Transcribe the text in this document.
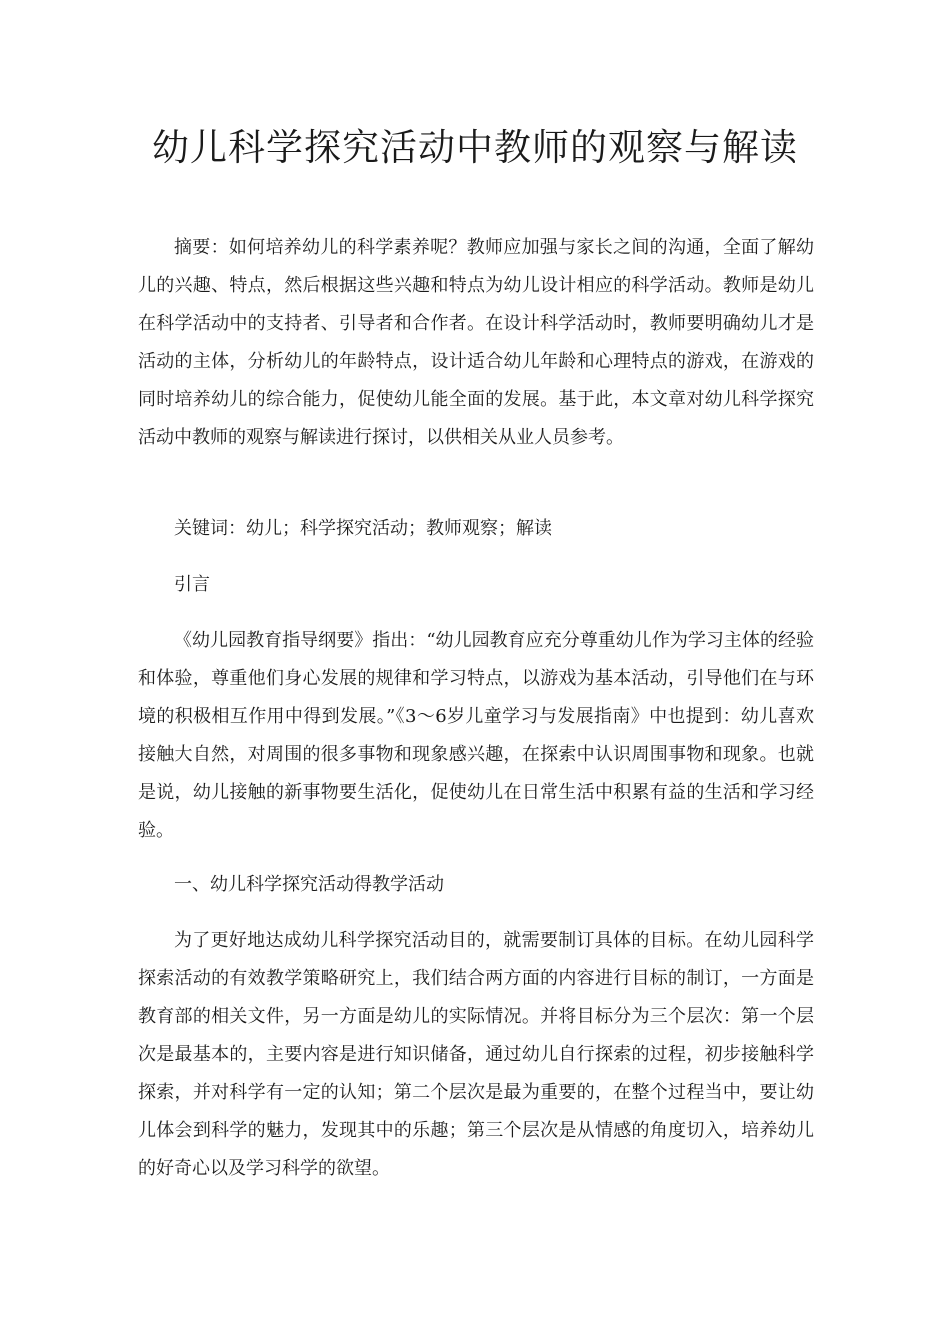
幼儿科学探究活动中教师的观察与解读

摘要：如何培养幼儿的科学素养呢？教师应加强与家长之间的沟通，全面了解幼儿的兴趣、特点，然后根据这些兴趣和特点为幼儿设计相应的科学活动。教师是幼儿在科学活动中的支持者、引导者和合作者。在设计科学活动时，教师要明确幼儿才是活动的主体，分析幼儿的年龄特点，设计适合幼儿年龄和心理特点的游戏，在游戏的同时培养幼儿的综合能力，促使幼儿能全面的发展。基于此，本文章对幼儿科学探究活动中教师的观察与解读进行探讨，以供相关从业人员参考。

关键词：幼儿；科学探究活动；教师观察；解读

引言

《幼儿园教育指导纲要》指出：“幼儿园教育应充分尊重幼儿作为学习主体的经验和体验，尊重他们身心发展的规律和学习特点，以游戏为基本活动，引导他们在与环境的积极相互作用中得到发展。”《3～6岁儿童学习与发展指南》中也提到：幼儿喜欢接触大自然，对周围的很多事物和现象感兴趣，在探索中认识周围事物和现象。也就是说，幼儿接触的新事物要生活化，促使幼儿在日常生活中积累有益的生活和学习经验。

一、幼儿科学探究活动得教学活动

为了更好地达成幼儿科学探究活动目的，就需要制订具体的目标。在幼儿园科学探索活动的有效教学策略研究上，我们结合两方面的内容进行目标的制订，一方面是教育部的相关文件，另一方面是幼儿的实际情况。并将目标分为三个层次：第一个层次是最基本的，主要内容是进行知识储备，通过幼儿自行探索的过程，初步接触科学探索，并对科学有一定的认知；第二个层次是最为重要的，在整个过程当中，要让幼儿体会到科学的魅力，发现其中的乐趣；第三个层次是从情感的角度切入，培养幼儿的好奇心以及学习科学的欲望。
